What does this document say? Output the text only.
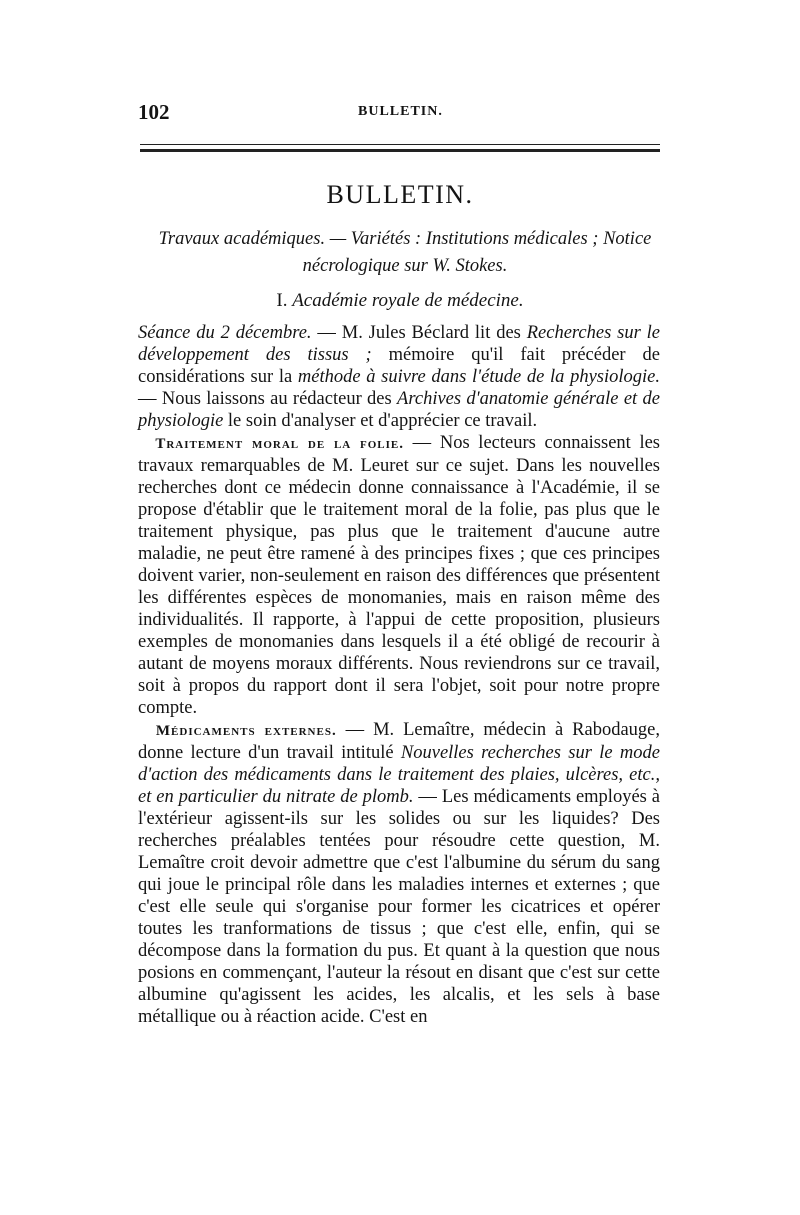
102	BULLETIN.
BULLETIN.
Travaux académiques. — Variétés : Institutions médicales ; Notice nécrologique sur W. Stokes.
I. Académie royale de médecine.

Séance du 2 décembre. — M. Jules Béclard lit des Recherches sur le développement des tissus ; mémoire qu'il fait précéder de considérations sur la méthode à suivre dans l'étude de la physiologie. — Nous laissons au rédacteur des Archives d'anatomie générale et de physiologie le soin d'analyser et d'apprécier ce travail.

Traitement moral de la folie. — Nos lecteurs connaissent les travaux remarquables de M. Leuret sur ce sujet. Dans les nouvelles recherches dont ce médecin donne connaissance à l'Académie, il se propose d'établir que le traitement moral de la folie, pas plus que le traitement physique, pas plus que le traitement d'aucune autre maladie, ne peut être ramené à des principes fixes ; que ces principes doivent varier, non-seulement en raison des différences que présentent les différentes espèces de monomanies, mais en raison même des individualités. Il rapporte, à l'appui de cette proposition, plusieurs exemples de monomanies dans lesquels il a été obligé de recourir à autant de moyens moraux différents. Nous reviendrons sur ce travail, soit à propos du rapport dont il sera l'objet, soit pour notre propre compte.

Médicaments externes. — M. Lemaître, médecin à Rabodauge, donne lecture d'un travail intitulé Nouvelles recherches sur le mode d'action des médicaments dans le traitement des plaies, ulcères, etc., et en particulier du nitrate de plomb. — Les médicaments employés à l'extérieur agissent-ils sur les solides ou sur les liquides? Des recherches préalables tentées pour résoudre cette question, M. Lemaître croit devoir admettre que c'est l'albumine du sérum du sang qui joue le principal rôle dans les maladies internes et externes ; que c'est elle seule qui s'organise pour former les cicatrices et opérer toutes les tranformations de tissus ; que c'est elle, enfin, qui se décompose dans la formation du pus. Et quant à la question que nous posions en commençant, l'auteur la résout en disant que c'est sur cette albumine qu'agissent les acides, les alcalis, et les sels à base métallique ou à réaction acide. C'est en
